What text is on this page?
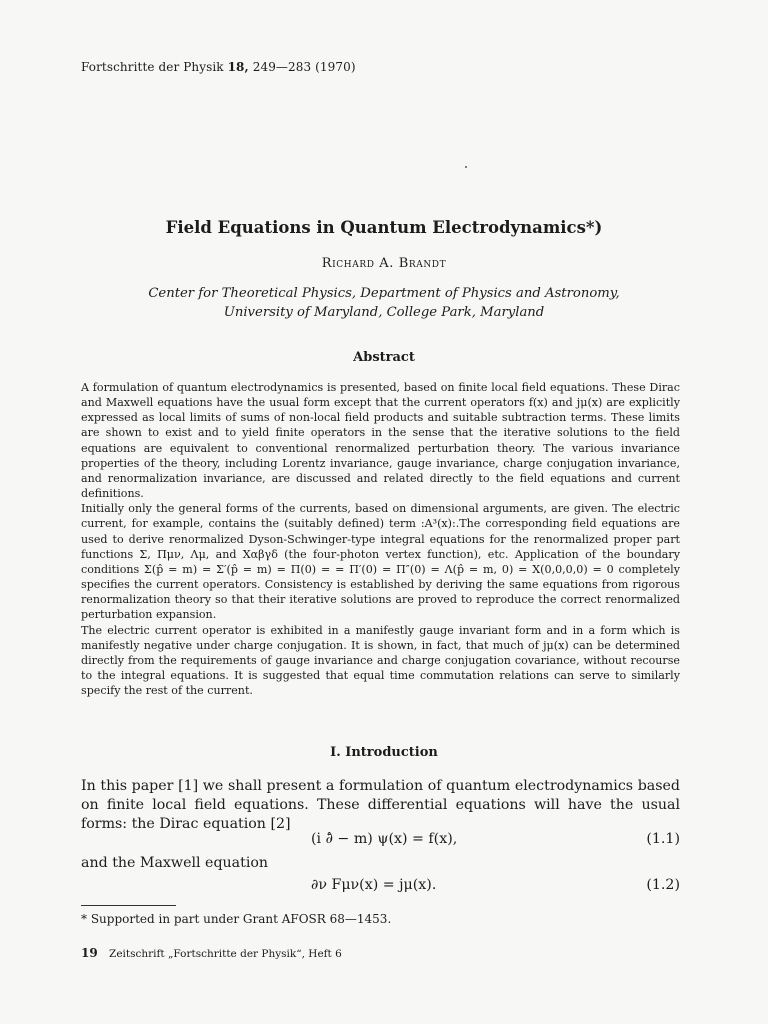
Fortschritte der Physik 18, 249—283 (1970)
Field Equations in Quantum Electrodynamics*)
Richard A. Brandt
Center for Theoretical Physics, Department of Physics and Astronomy,
University of Maryland, College Park, Maryland
Abstract

A formulation of quantum electrodynamics is presented, based on finite local field equations. These Dirac and Maxwell equations have the usual form except that the current operators f(x) and jμ(x) are explicitly expressed as local limits of sums of non-local field products and suitable subtraction terms. These limits are shown to exist and to yield finite operators in the sense that the iterative solutions to the field equations are equivalent to conventional renormalized perturbation theory. The various invariance properties of the theory, including Lorentz invariance, gauge invariance, charge conjugation invariance, and renormalization invariance, are discussed and related directly to the field equations and current definitions.

Initially only the general forms of the currents, based on dimensional arguments, are given. The electric current, for example, contains the (suitably defined) term :A³(x):.The corresponding field equations are used to derive renormalized Dyson-Schwinger-type integral equations for the renormalized proper part functions Σ, Πμν, Λμ, and Xαβγδ (the four-photon vertex function), etc. Application of the boundary conditions Σ(p̂ = m) = Σ′(p̂ = m) = Π(0) = = Π′(0) = Π″(0) = Λ(p̂ = m, 0) = X(0,0,0,0) = 0 completely specifies the current operators. Consistency is established by deriving the same equations from rigorous renormalization theory so that their iterative solutions are proved to reproduce the correct renormalized perturbation expansion.

The electric current operator is exhibited in a manifestly gauge invariant form and in a form which is manifestly negative under charge conjugation. It is shown, in fact, that much of jμ(x) can be determined directly from the requirements of gauge invariance and charge conjugation covariance, without recourse to the integral equations. It is suggested that equal time commutation relations can serve to similarly specify the rest of the current.

I. Introduction

In this paper [1] we shall present a formulation of quantum electrodynamics based on finite local field equations. These differential equations will have the usual forms: the Dirac equation [2]

(i ∂̂ − m) ψ(x) = f(x),	(1.1)
and the Maxwell equation
∂ν Fμν(x) = jμ(x).	(1.2)
* Supported in part under Grant AFOSR 68—1453.
19 Zeitschrift „Fortschritte der Physik“, Heft 6
